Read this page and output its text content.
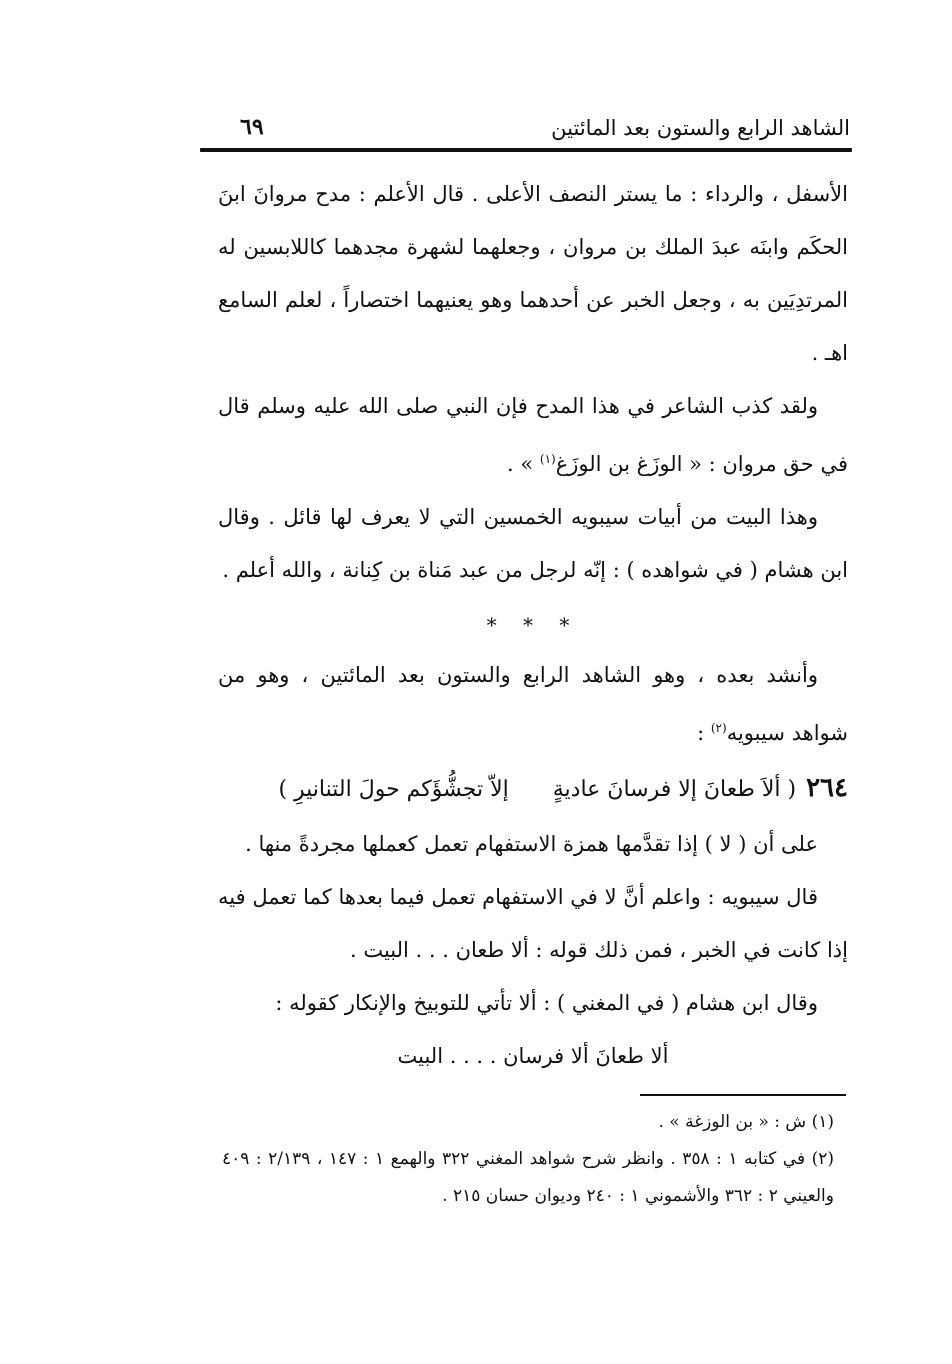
الشاهد الرابع والستون بعد المائتين
٦٩

الأسفل ، والرداء : ما يستر النصف الأعلى . قال الأعلم : مدح مروانَ ابنَ الحكَم وابنَه عبدَ الملك بن مروان ، وجعلهما لشهرة مجدهما كاللابسين له المرتدِيَين به ، وجعل الخبر عن أحدهما وهو يعنيهما اختصاراً ، لعلم السامع اهـ .

ولقد كذب الشاعر في هذا المدح فإن النبي صلى الله عليه وسلم قال في حق مروان : « الوزَغ بن الوزَغ$^{(١)}$ » .

وهذا البيت من أبيات سيبويه الخمسين التي لا يعرف لها قائل . وقال ابن هشام ( في شواهده ) : إنّه لرجل من عبد مَناة بن كِنانة ، والله أعلم .

* * *

وأنشد بعده ، وهو الشاهد الرابع والستون بعد المائتين ، وهو من شواهد سيبويه$^{(٢)}$ :

٢٦٤
( ألاَ طعانَ إلا فرسانَ عاديةٍ
إلاّ تجشُّؤَكم حولَ التنانيرِ )

على أن ( لا ) إذا تقدَّمها همزة الاستفهام تعمل كعملها مجردةً منها .

قال سيبويه : واعلم أنَّ لا في الاستفهام تعمل فيما بعدها كما تعمل فيه إذا كانت في الخبر ، فمن ذلك قوله : ألا طعان . . . البيت .

وقال ابن هشام ( في المغني ) : ألا تأتي للتوبيخ والإنكار كقوله :

ألا طعانَ ألا فرسان . . . . البيت

(١) ش : « بن الوزغة » .

(٢) في كتابه ١ : ٣٥٨ . وانظر شرح شواهد المغني ٣٢٢ والهمع ١ : ١٤٧ ، ٢/١٣٩ : ٤٠٩ والعيني ٢ : ٣٦٢ والأشموني ١ : ٢٤٠ وديوان حسان ٢١٥ .
